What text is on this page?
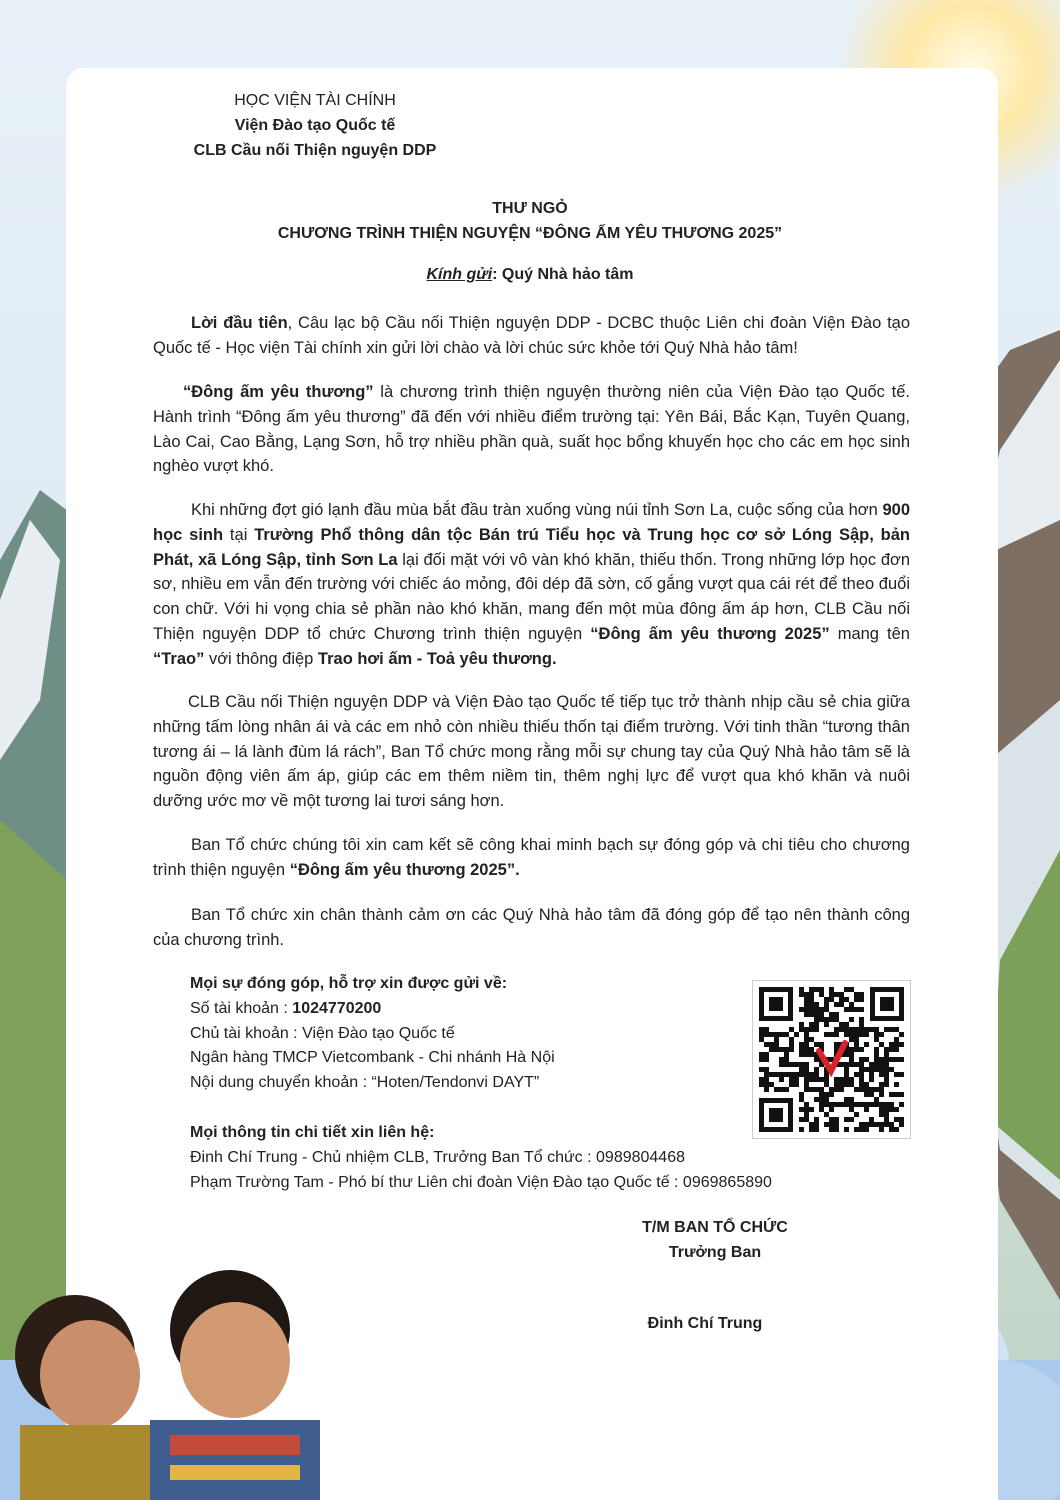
HỌC VIỆN TÀI CHÍNH
Viện Đào tạo Quốc tế
CLB Cầu nối Thiện nguyện DDP
THƯ NGỎ
CHƯƠNG TRÌNH THIỆN NGUYỆN “ĐÔNG ẤM YÊU THƯƠNG 2025”
Kính gửi: Quý Nhà hảo tâm
Lời đầu tiên, Câu lạc bộ Cầu nối Thiện nguyện DDP - DCBC thuộc Liên chi đoàn Viện Đào tạo Quốc tế - Học viện Tài chính xin gửi lời chào và lời chúc sức khỏe tới Quý Nhà hảo tâm!
“Đông ấm yêu thương” là chương trình thiện nguyện thường niên của Viện Đào tạo Quốc tế. Hành trình “Đông ấm yêu thương” đã đến với nhiều điểm trường tại: Yên Bái, Bắc Kạn, Tuyên Quang, Lào Cai, Cao Bằng, Lạng Sơn, hỗ trợ nhiều phần quà, suất học bổng khuyến học cho các em học sinh nghèo vượt khó.
Khi những đợt gió lạnh đầu mùa bắt đầu tràn xuống vùng núi tỉnh Sơn La, cuộc sống của hơn 900 học sinh tại Trường Phổ thông dân tộc Bán trú Tiểu học và Trung học cơ sở Lóng Sập, bản Phát, xã Lóng Sập, tỉnh Sơn La lại đối mặt với vô vàn khó khăn, thiếu thốn. Trong những lớp học đơn sơ, nhiều em vẫn đến trường với chiếc áo mỏng, đôi dép đã sờn, cố gắng vượt qua cái rét để theo đuổi con chữ. Với hi vọng chia sẻ phần nào khó khăn, mang đến một mùa đông ấm áp hơn, CLB Cầu nối Thiện nguyện DDP tổ chức Chương trình thiện nguyện “Đông ấm yêu thương 2025” mang tên “Trao” với thông điệp Trao hơi ấm - Toả yêu thương.
CLB Cầu nối Thiện nguyện DDP và Viện Đào tạo Quốc tế tiếp tục trở thành nhịp cầu sẻ chia giữa những tấm lòng nhân ái và các em nhỏ còn nhiều thiếu thốn tại điểm trường. Với tinh thần “tương thân tương ái – lá lành đùm lá rách”, Ban Tổ chức mong rằng mỗi sự chung tay của Quý Nhà hảo tâm sẽ là nguồn động viên ấm áp, giúp các em thêm niềm tin, thêm nghị lực để vượt qua khó khăn và nuôi dưỡng ước mơ về một tương lai tươi sáng hơn.
Ban Tổ chức chúng tôi xin cam kết sẽ công khai minh bạch sự đóng góp và chi tiêu cho chương trình thiện nguyện “Đông ấm yêu thương 2025”.
Ban Tổ chức xin chân thành cảm ơn các Quý Nhà hảo tâm đã đóng góp để tạo nên thành công của chương trình.
Mọi sự đóng góp, hỗ trợ xin được gửi về:
Số tài khoản : 1024770200
Chủ tài khoản : Viện Đào tạo Quốc tế
Ngân hàng TMCP Vietcombank - Chi nhánh Hà Nội
Nội dung chuyển khoản : “Hoten/Tendonvi DAYT”
Mọi thông tin chi tiết xin liên hệ:
Đinh Chí Trung - Chủ nhiệm CLB, Trưởng Ban Tổ chức : 0989804468
Phạm Trường Tam - Phó bí thư Liên chi đoàn Viện Đào tạo Quốc tế : 0969865890
T/M BAN TỔ CHỨC
Trưởng Ban
Đinh Chí Trung
